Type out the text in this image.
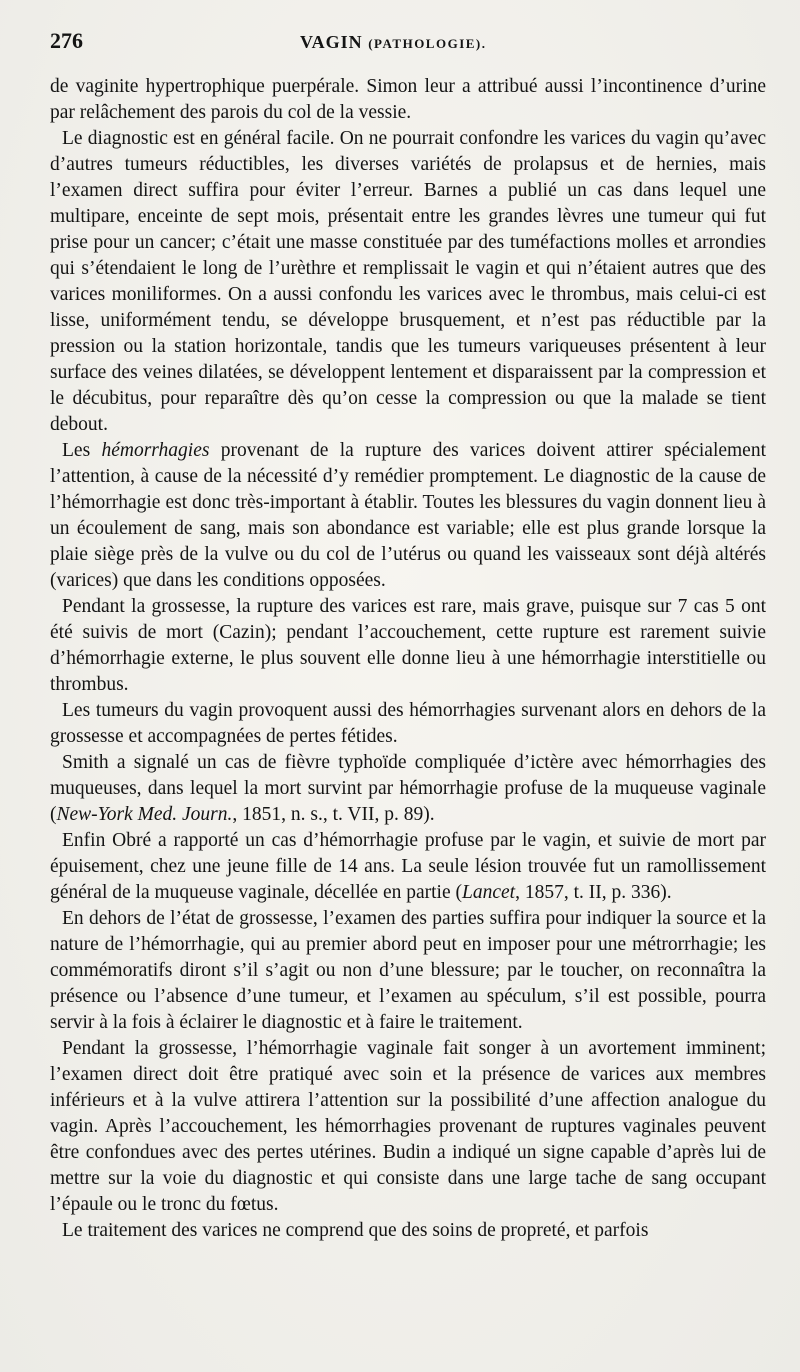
276	VAGIN (PATHOLOGIE).

de vaginite hypertrophique puerpérale. Simon leur a attribué aussi l’incontinence d’urine par relâchement des parois du col de la vessie.

Le diagnostic est en général facile. On ne pourrait confondre les varices du vagin qu’avec d’autres tumeurs réductibles, les diverses variétés de prolapsus et de hernies, mais l’examen direct suffira pour éviter l’erreur. Barnes a publié un cas dans lequel une multipare, enceinte de sept mois, présentait entre les grandes lèvres une tumeur qui fut prise pour un cancer; c’était une masse constituée par des tuméfactions molles et arrondies qui s’étendaient le long de l’urèthre et remplissait le vagin et qui n’étaient autres que des varices moniliformes. On a aussi confondu les varices avec le thrombus, mais celui-ci est lisse, uniformément tendu, se développe brusquement, et n’est pas réductible par la pression ou la station horizontale, tandis que les tumeurs variqueuses présentent à leur surface des veines dilatées, se développent lentement et disparaissent par la compression et le décubitus, pour reparaître dès qu’on cesse la compression ou que la malade se tient debout.

Les hémorrhagies provenant de la rupture des varices doivent attirer spécialement l’attention, à cause de la nécessité d’y remédier promptement. Le diagnostic de la cause de l’hémorrhagie est donc très-important à établir. Toutes les blessures du vagin donnent lieu à un écoulement de sang, mais son abondance est variable; elle est plus grande lorsque la plaie siège près de la vulve ou du col de l’utérus ou quand les vaisseaux sont déjà altérés (varices) que dans les conditions opposées.

Pendant la grossesse, la rupture des varices est rare, mais grave, puisque sur 7 cas 5 ont été suivis de mort (Cazin); pendant l’accouchement, cette rupture est rarement suivie d’hémorrhagie externe, le plus souvent elle donne lieu à une hémorrhagie interstitielle ou thrombus.

Les tumeurs du vagin provoquent aussi des hémorrhagies survenant alors en dehors de la grossesse et accompagnées de pertes fétides.

Smith a signalé un cas de fièvre typhoïde compliquée d’ictère avec hémorrhagies des muqueuses, dans lequel la mort survint par hémorrhagie profuse de la muqueuse vaginale (New-York Med. Journ., 1851, n. s., t. VII, p. 89).

Enfin Obré a rapporté un cas d’hémorrhagie profuse par le vagin, et suivie de mort par épuisement, chez une jeune fille de 14 ans. La seule lésion trouvée fut un ramollissement général de la muqueuse vaginale, décellée en partie (Lancet, 1857, t. II, p. 336).

En dehors de l’état de grossesse, l’examen des parties suffira pour indiquer la source et la nature de l’hémorrhagie, qui au premier abord peut en imposer pour une métrorrhagie; les commémoratifs diront s’il s’agit ou non d’une blessure; par le toucher, on reconnaîtra la présence ou l’absence d’une tumeur, et l’examen au spéculum, s’il est possible, pourra servir à la fois à éclairer le diagnostic et à faire le traitement.

Pendant la grossesse, l’hémorrhagie vaginale fait songer à un avortement imminent; l’examen direct doit être pratiqué avec soin et la présence de varices aux membres inférieurs et à la vulve attirera l’attention sur la possibilité d’une affection analogue du vagin. Après l’accouchement, les hémorrhagies provenant de ruptures vaginales peuvent être confondues avec des pertes utérines. Budin a indiqué un signe capable d’après lui de mettre sur la voie du diagnostic et qui consiste dans une large tache de sang occupant l’épaule ou le tronc du fœtus.

Le traitement des varices ne comprend que des soins de propreté, et parfois
